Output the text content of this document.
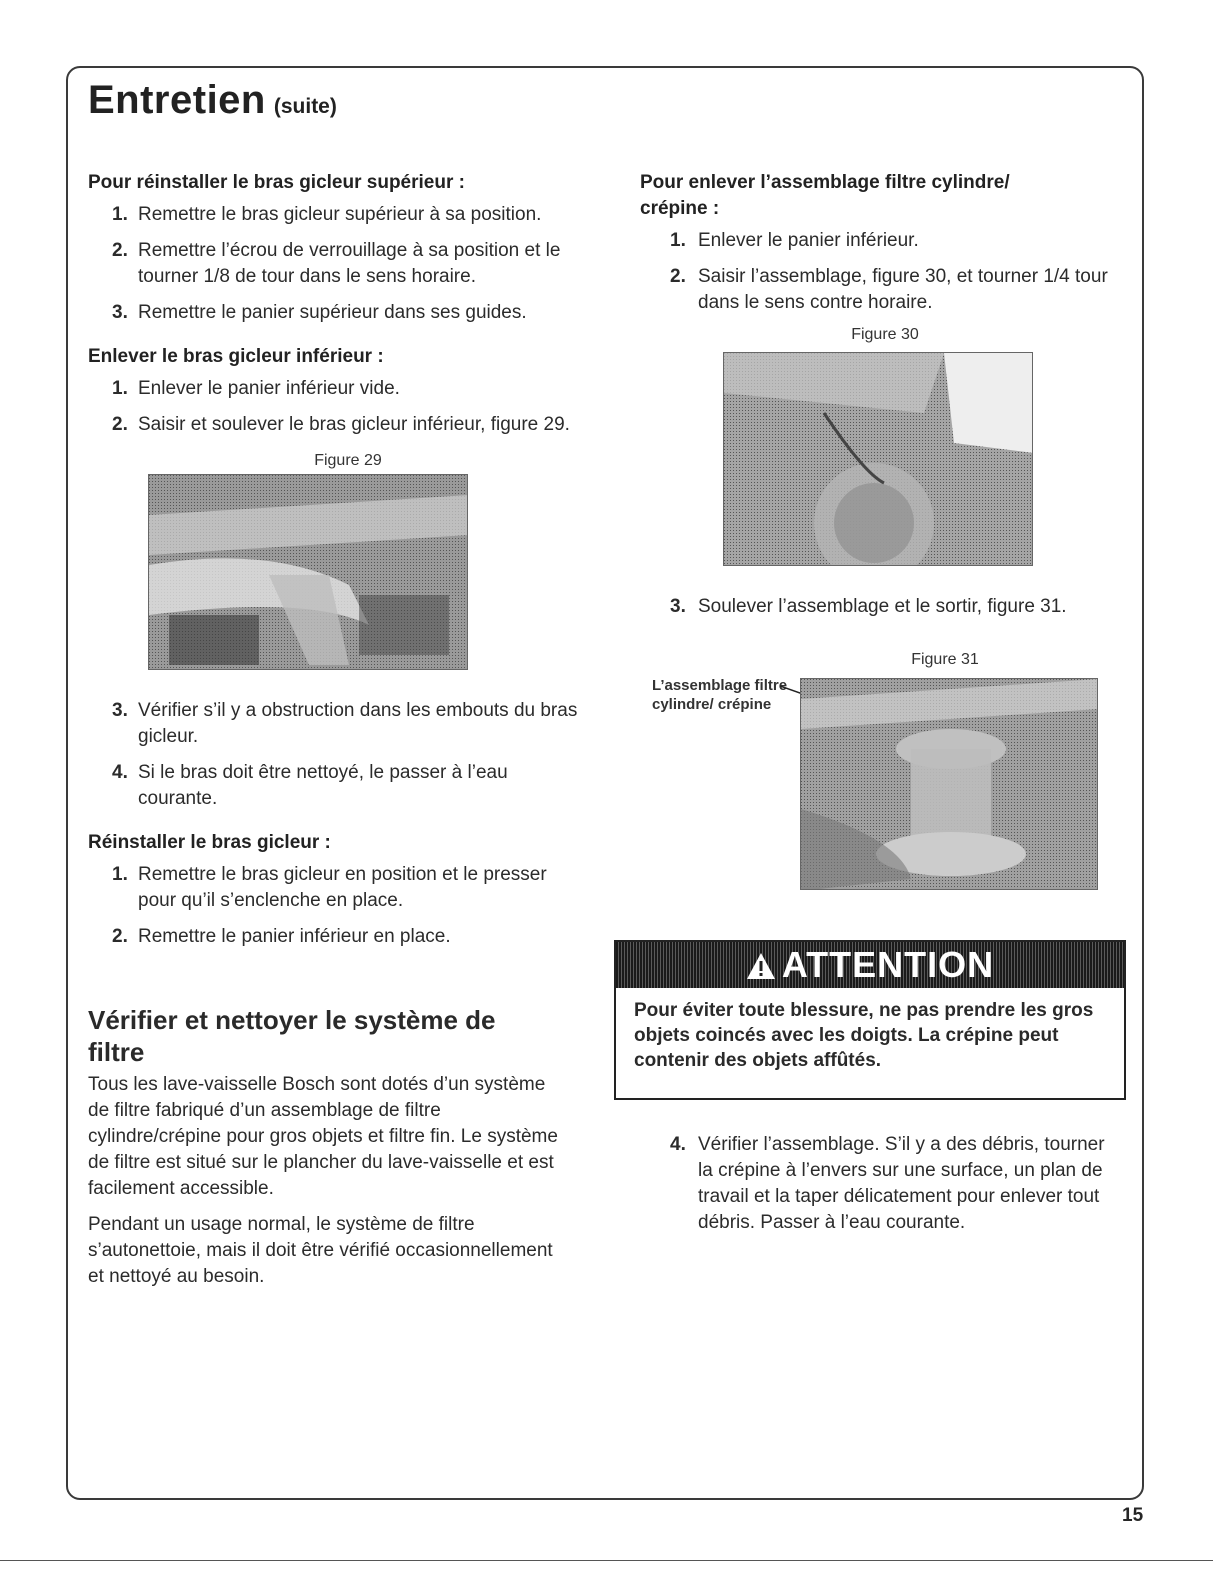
Entretien (suite)
Pour réinstaller le bras gicleur supérieur :
1. Remettre le bras gicleur supérieur à sa position.
2. Remettre l’écrou de verrouillage à sa position et le tourner 1/8 de tour dans le sens horaire.
3. Remettre le panier supérieur dans ses guides.
Enlever le bras gicleur inférieur :
1. Enlever le panier inférieur vide.
2. Saisir et soulever le bras gicleur inférieur, figure 29.
Figure 29
3. Vérifier s’il y a obstruction dans les embouts du bras gicleur.
4. Si le bras doit être nettoyé, le passer à l’eau courante.
Réinstaller le bras gicleur :
1. Remettre le bras gicleur en position et le presser pour qu’il s’enclenche en place.
2. Remettre le panier inférieur en place.
Vérifier et nettoyer le système de filtre

Tous les lave-vaisselle Bosch sont dotés d’un système de filtre fabriqué d’un assemblage de filtre cylindre/crépine pour gros objets et filtre fin. Le système de filtre est situé sur le plancher du lave-vaisselle et est facilement accessible.

Pendant un usage normal, le système de filtre s’autonettoie, mais il doit être vérifié occasionnellement et nettoyé au besoin.

Pour enlever l’assemblage filtre cylindre/ crépine :
1. Enlever le panier inférieur.
2. Saisir l’assemblage, figure 30, et tourner 1/4 tour dans le sens contre horaire.
Figure 30
3. Soulever l’assemblage et le sortir, figure 31.
Figure 31
L’assemblage filtre cylindre/ crépine
ATTENTION
Pour éviter toute blessure, ne pas prendre les gros objets coincés avec les doigts. La crépine peut contenir des objets affûtés.
4. Vérifier l’assemblage. S’il y a des débris, tourner la crépine à l’envers sur une surface, un plan de travail et la taper délicatement pour enlever tout débris. Passer à l’eau courante.
15
